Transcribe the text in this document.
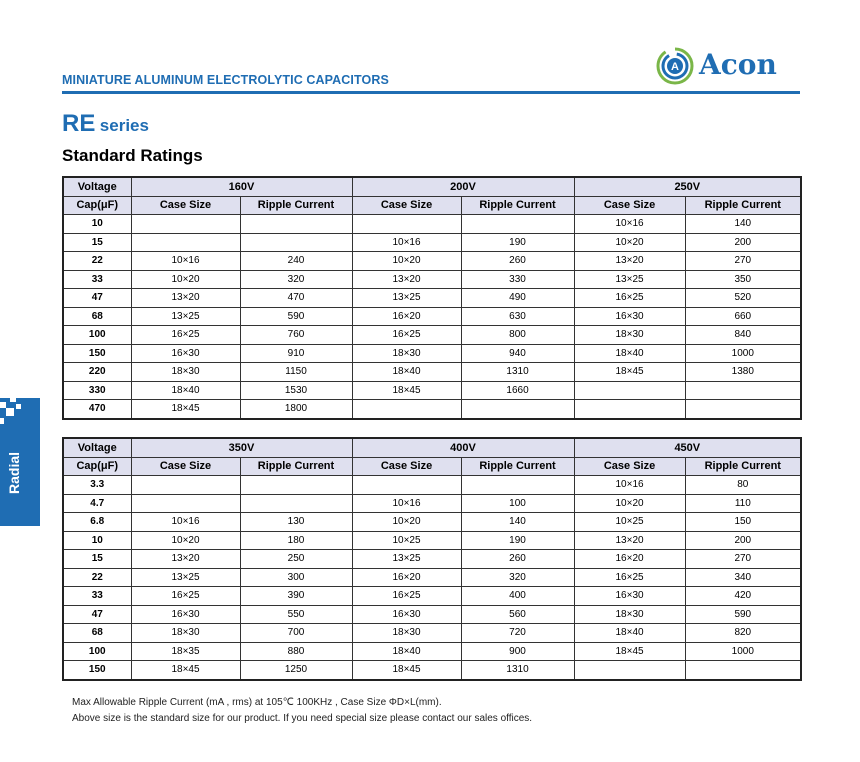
MINIATURE ALUMINUM ELECTROLYTIC CAPACITORS
A Acon
RE series
Standard Ratings
Radial
Voltage	160V		200V		250V	
Cap(μF)	Case Size	Ripple Current	Case Size	Ripple Current	Case Size	Ripple Current
10					10×16	140
15			10×16	190	10×20	200
22	10×16	240	10×20	260	13×20	270
33	10×20	320	13×20	330	13×25	350
47	13×20	470	13×25	490	16×25	520
68	13×25	590	16×20	630	16×30	660
100	16×25	760	16×25	800	18×30	840
150	16×30	910	18×30	940	18×40	1000
220	18×30	1150	18×40	1310	18×45	1380
330	18×40	1530	18×45	1660		
470	18×45	1800				
Voltage	350V		400V		450V	
Cap(μF)	Case Size	Ripple Current	Case Size	Ripple Current	Case Size	Ripple Current
3.3					10×16	80
4.7			10×16	100	10×20	110
6.8	10×16	130	10×20	140	10×25	150
10	10×20	180	10×25	190	13×20	200
15	13×20	250	13×25	260	16×20	270
22	13×25	300	16×20	320	16×25	340
33	16×25	390	16×25	400	16×30	420
47	16×30	550	16×30	560	18×30	590
68	18×30	700	18×30	720	18×40	820
100	18×35	880	18×40	900	18×45	1000
150	18×45	1250	18×45	1310		
Max Allowable Ripple Current (mA , rms) at 105℃ 100KHz , Case Size ΦD×L(mm).
Above size is the standard size for our product. If you need special size please contact our sales offices.
